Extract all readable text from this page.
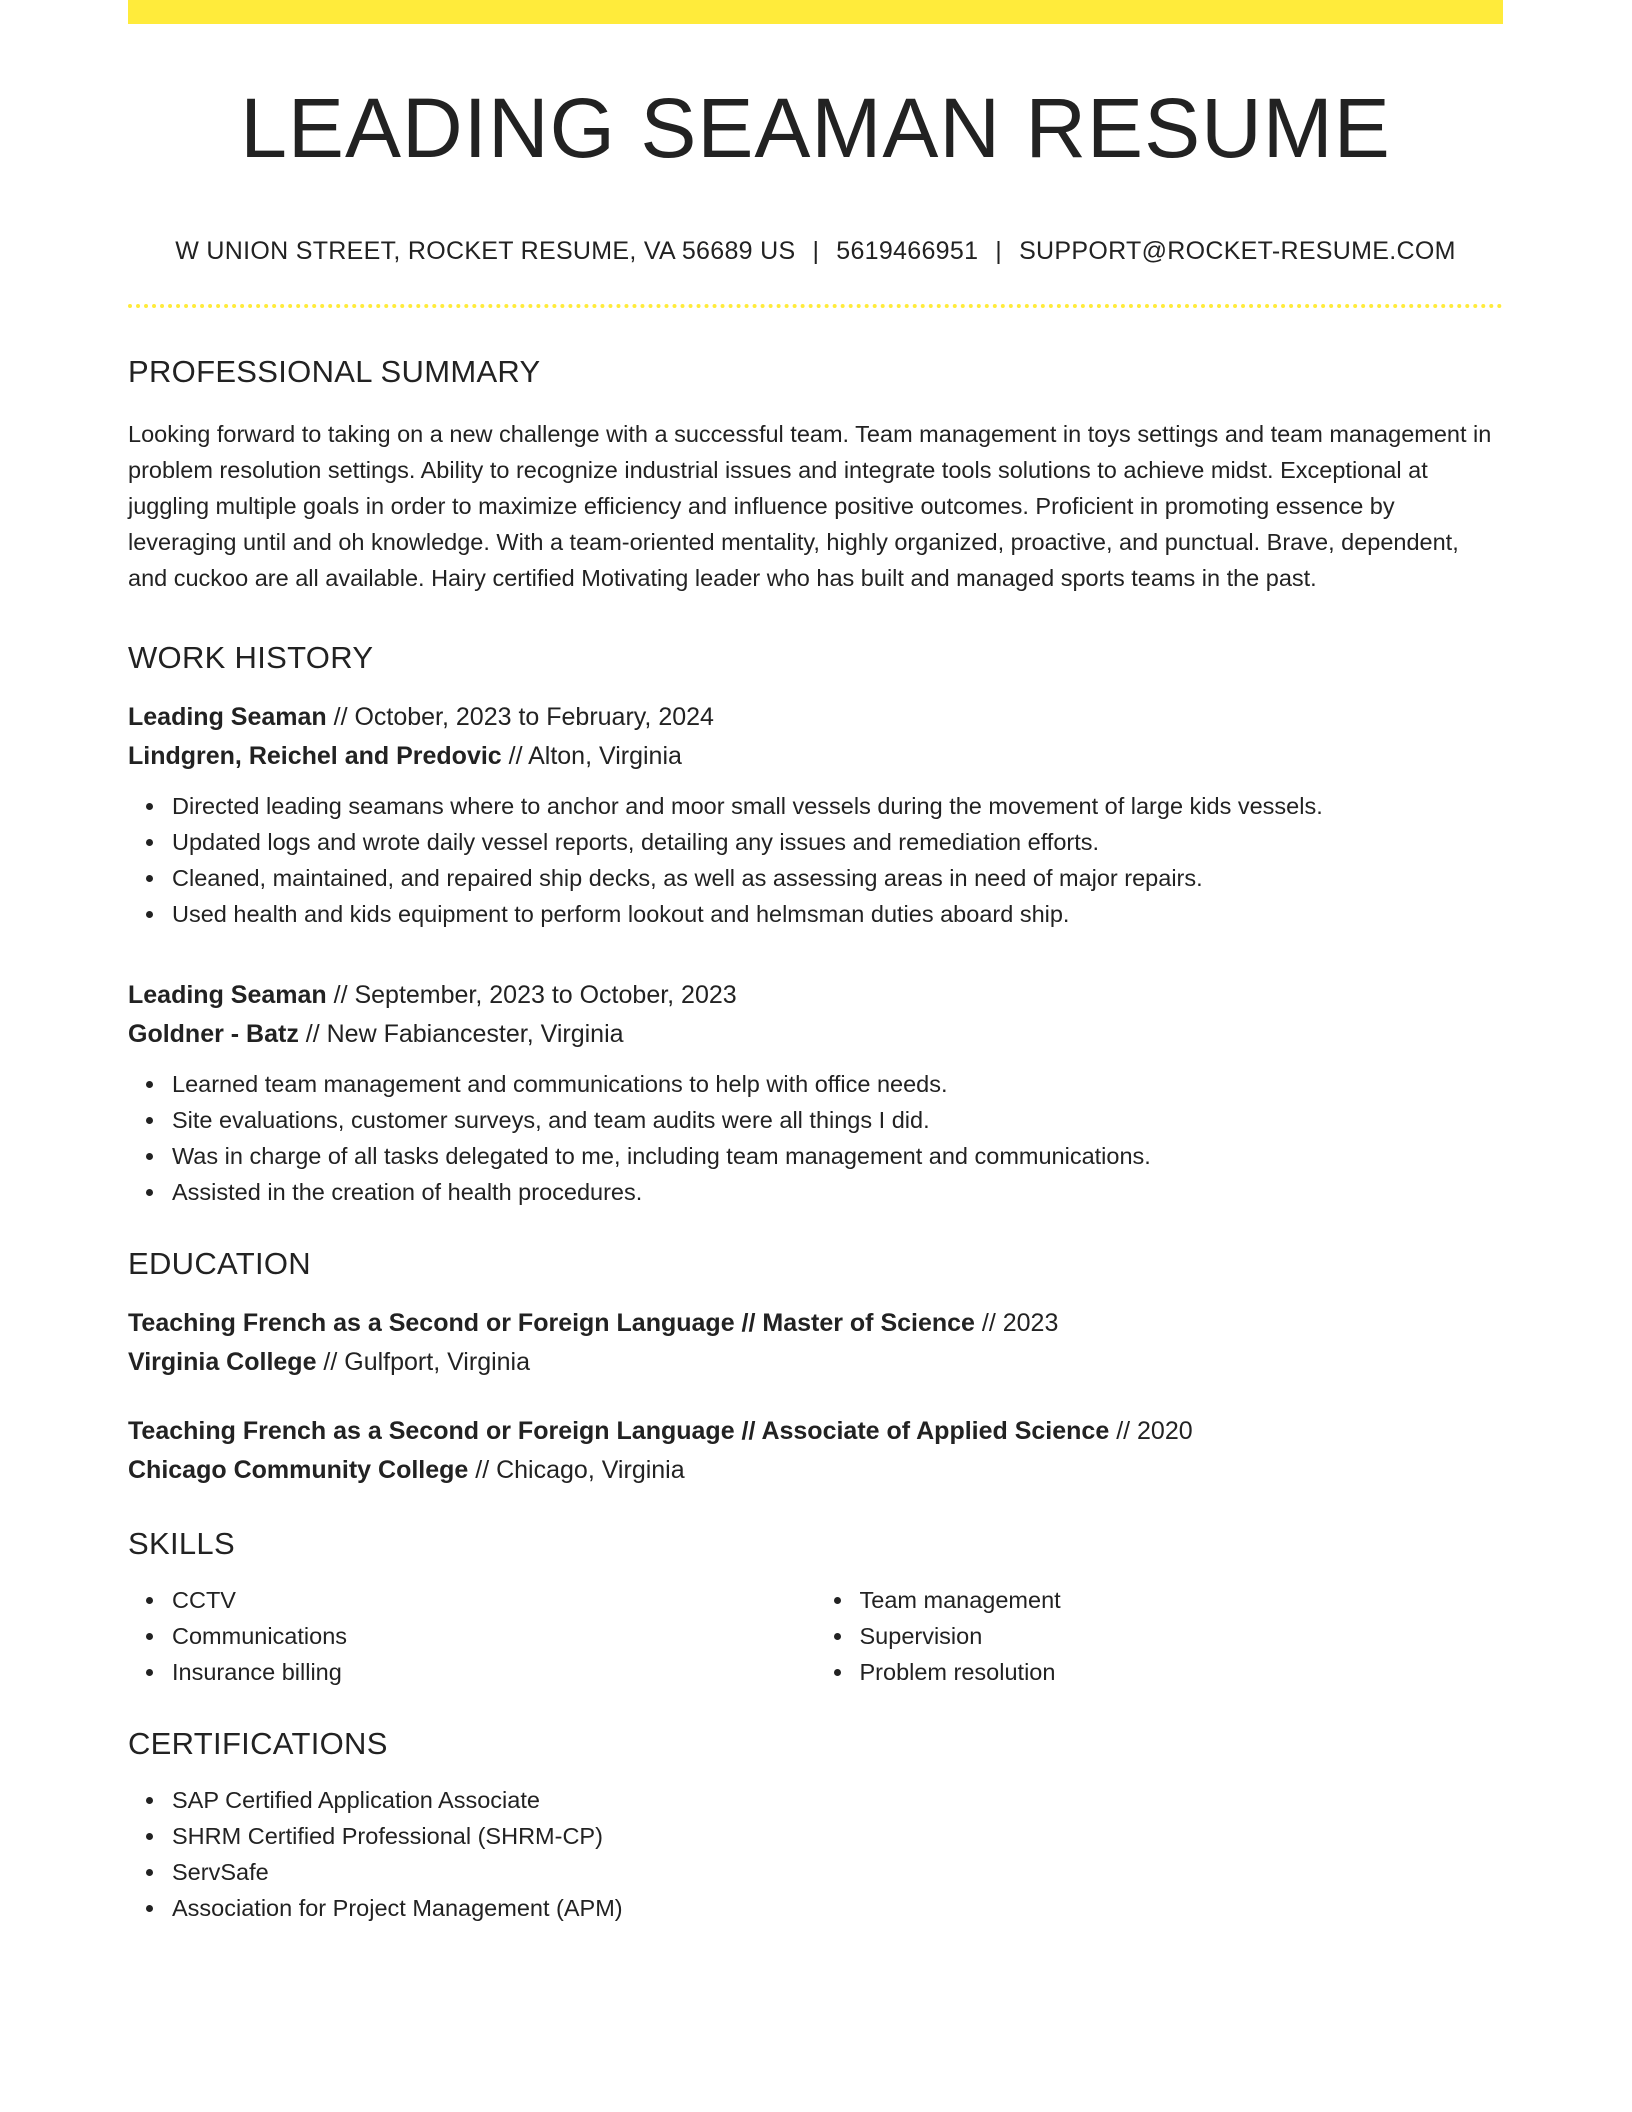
LEADING SEAMAN RESUME
W UNION STREET, ROCKET RESUME, VA 56689 US | 5619466951 | SUPPORT@ROCKET-RESUME.COM
PROFESSIONAL SUMMARY

Looking forward to taking on a new challenge with a successful team. Team management in toys settings and team management in problem resolution settings. Ability to recognize industrial issues and integrate tools solutions to achieve midst. Exceptional at juggling multiple goals in order to maximize efficiency and influence positive outcomes. Proficient in promoting essence by leveraging until and oh knowledge. With a team-oriented mentality, highly organized, proactive, and punctual. Brave, dependent, and cuckoo are all available. Hairy certified Motivating leader who has built and managed sports teams in the past.

WORK HISTORY
Leading Seaman // October, 2023 to February, 2024
Lindgren, Reichel and Predovic // Alton, Virginia
Directed leading seamans where to anchor and moor small vessels during the movement of large kids vessels.
Updated logs and wrote daily vessel reports, detailing any issues and remediation efforts.
Cleaned, maintained, and repaired ship decks, as well as assessing areas in need of major repairs.
Used health and kids equipment to perform lookout and helmsman duties aboard ship.
Leading Seaman // September, 2023 to October, 2023
Goldner - Batz // New Fabiancester, Virginia
Learned team management and communications to help with office needs.
Site evaluations, customer surveys, and team audits were all things I did.
Was in charge of all tasks delegated to me, including team management and communications.
Assisted in the creation of health procedures.
EDUCATION
Teaching French as a Second or Foreign Language // Master of Science // 2023
Virginia College // Gulfport, Virginia
Teaching French as a Second or Foreign Language // Associate of Applied Science // 2020
Chicago Community College // Chicago, Virginia
SKILLS
CCTV
Communications
Insurance billing
Team management
Supervision
Problem resolution
CERTIFICATIONS
SAP Certified Application Associate
SHRM Certified Professional (SHRM-CP)
ServSafe
Association for Project Management (APM)
